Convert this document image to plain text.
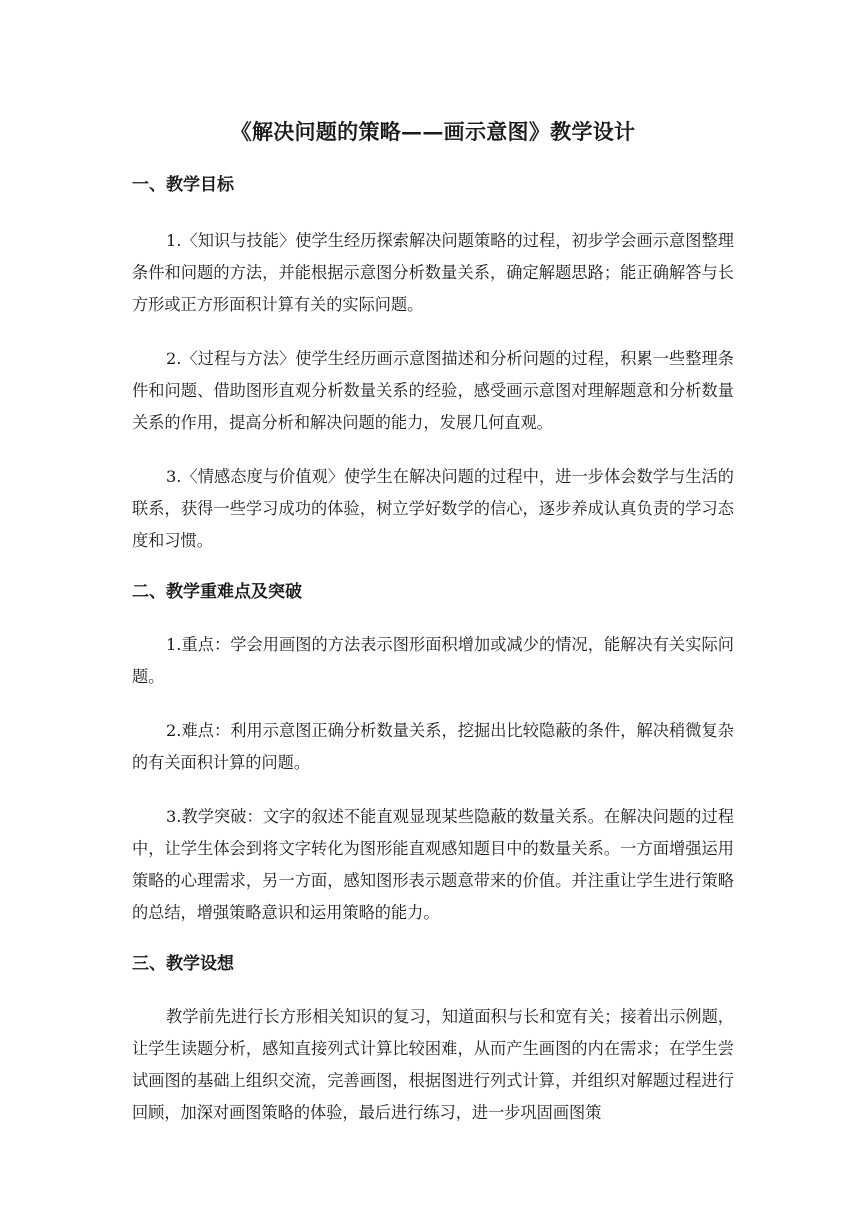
《解决问题的策略——画示意图》教学设计
一、教学目标

1.〈知识与技能〉使学生经历探索解决问题策略的过程，初步学会画示意图整理条件和问题的方法，并能根据示意图分析数量关系，确定解题思路；能正确解答与长方形或正方形面积计算有关的实际问题。

2.〈过程与方法〉使学生经历画示意图描述和分析问题的过程，积累一些整理条件和问题、借助图形直观分析数量关系的经验，感受画示意图对理解题意和分析数量关系的作用，提高分析和解决问题的能力，发展几何直观。

3.〈情感态度与价值观〉使学生在解决问题的过程中，进一步体会数学与生活的联系，获得一些学习成功的体验，树立学好数学的信心，逐步养成认真负责的学习态度和习惯。

二、教学重难点及突破

1.重点：学会用画图的方法表示图形面积增加或减少的情况，能解决有关实际问题。

2.难点：利用示意图正确分析数量关系，挖掘出比较隐蔽的条件，解决稍微复杂的有关面积计算的问题。

3.教学突破：文字的叙述不能直观显现某些隐蔽的数量关系。在解决问题的过程中，让学生体会到将文字转化为图形能直观感知题目中的数量关系。一方面增强运用策略的心理需求，另一方面，感知图形表示题意带来的价值。并注重让学生进行策略的总结，增强策略意识和运用策略的能力。

三、教学设想

教学前先进行长方形相关知识的复习，知道面积与长和宽有关；接着出示例题，让学生读题分析，感知直接列式计算比较困难，从而产生画图的内在需求；在学生尝试画图的基础上组织交流，完善画图，根据图进行列式计算，并组织对解题过程进行回顾，加深对画图策略的体验，最后进行练习，进一步巩固画图策
